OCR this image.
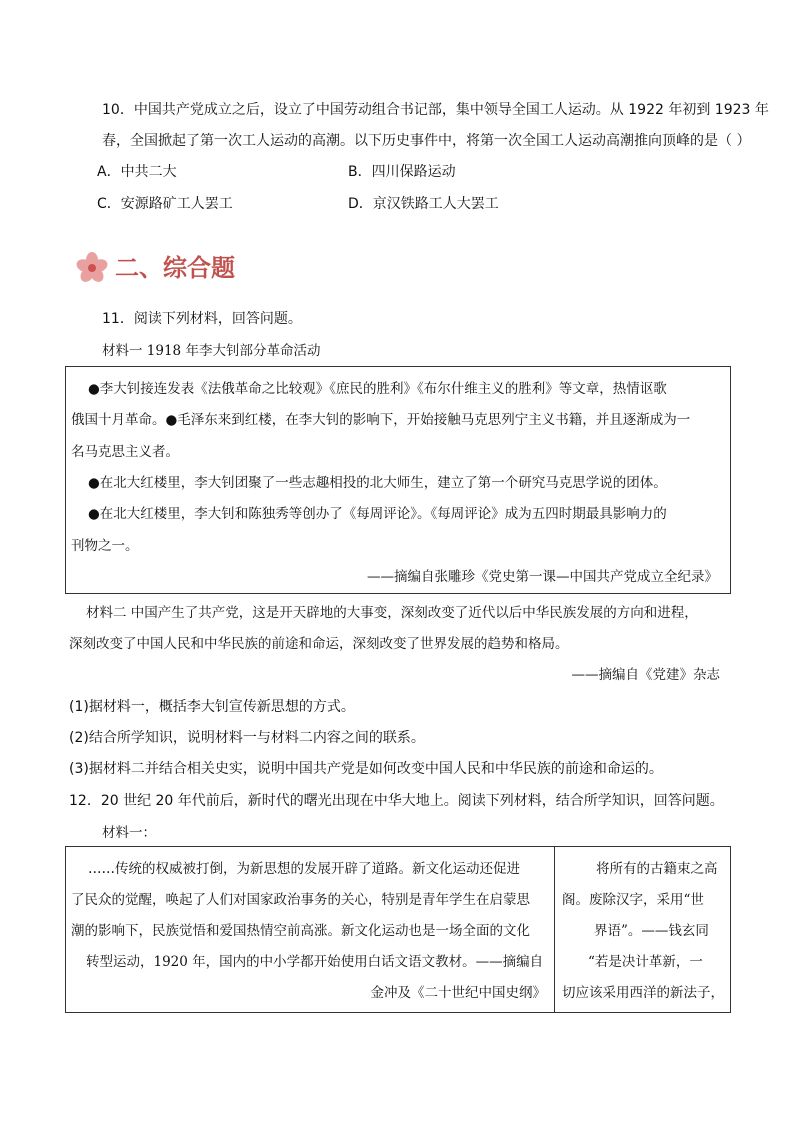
10．中国共产党成立之后，设立了中国劳动组合书记部，集中领导全国工人运动。从 1922 年初到 1923 年
春，全国掀起了第一次工人运动的高潮。以下历史事件中，将第一次全国工人运动高潮推向顶峰的是（ ）
A．中共二大	B．四川保路运动
C．安源路矿工人罢工	D．京汉铁路工人大罢工
二、综合题
11．阅读下列材料，回答问题。
材料一 1918 年李大钊部分革命活动
●李大钊接连发表《法俄革命之比较观》《庶民的胜利》《布尔什维主义的胜利》等文章，热情讴歌
俄国十月革命。●毛泽东来到红楼，在李大钊的影响下，开始接触马克思列宁主义书籍，并且逐渐成为一
名马克思主义者。
●在北大红楼里，李大钊团聚了一些志趣相投的北大师生，建立了第一个研究马克思学说的团体。
●在北大红楼里，李大钊和陈独秀等创办了《每周评论》。《每周评论》成为五四时期最具影响力的
刊物之一。
——摘编自张雕珍《党史第一课—中国共产党成立全纪录》
材料二 中国产生了共产党，这是开天辟地的大事变，深刻改变了近代以后中华民族发展的方向和进程，
深刻改变了中国人民和中华民族的前途和命运，深刻改变了世界发展的趋势和格局。
——摘编自《党建》杂志
(1)据材料一，概括李大钊宣传新思想的方式。
(2)结合所学知识，说明材料一与材料二内容之间的联系。
(3)据材料二并结合相关史实，说明中国共产党是如何改变中国人民和中华民族的前途和命运的。
12．20 世纪 20 年代前后，新时代的曙光出现在中华大地上。阅读下列材料，结合所学知识，回答问题。
材料一：
……传统的权威被打倒，为新思想的发展开辟了道路。新文化运动还促进
了民众的觉醒，唤起了人们对国家政治事务的关心，特别是青年学生在启蒙思
潮的影响下，民族觉悟和爱国热情空前高涨。新文化运动也是一场全面的文化
转型运动，1920 年，国内的中小学都开始使用白话文语文教材。——摘编自
金冲及《二十世纪中国史纲》
将所有的古籍束之高
阁。废除汉字，采用“世
界语”。——钱玄同
“若是决计革新，一
切应该采用西洋的新法子，
